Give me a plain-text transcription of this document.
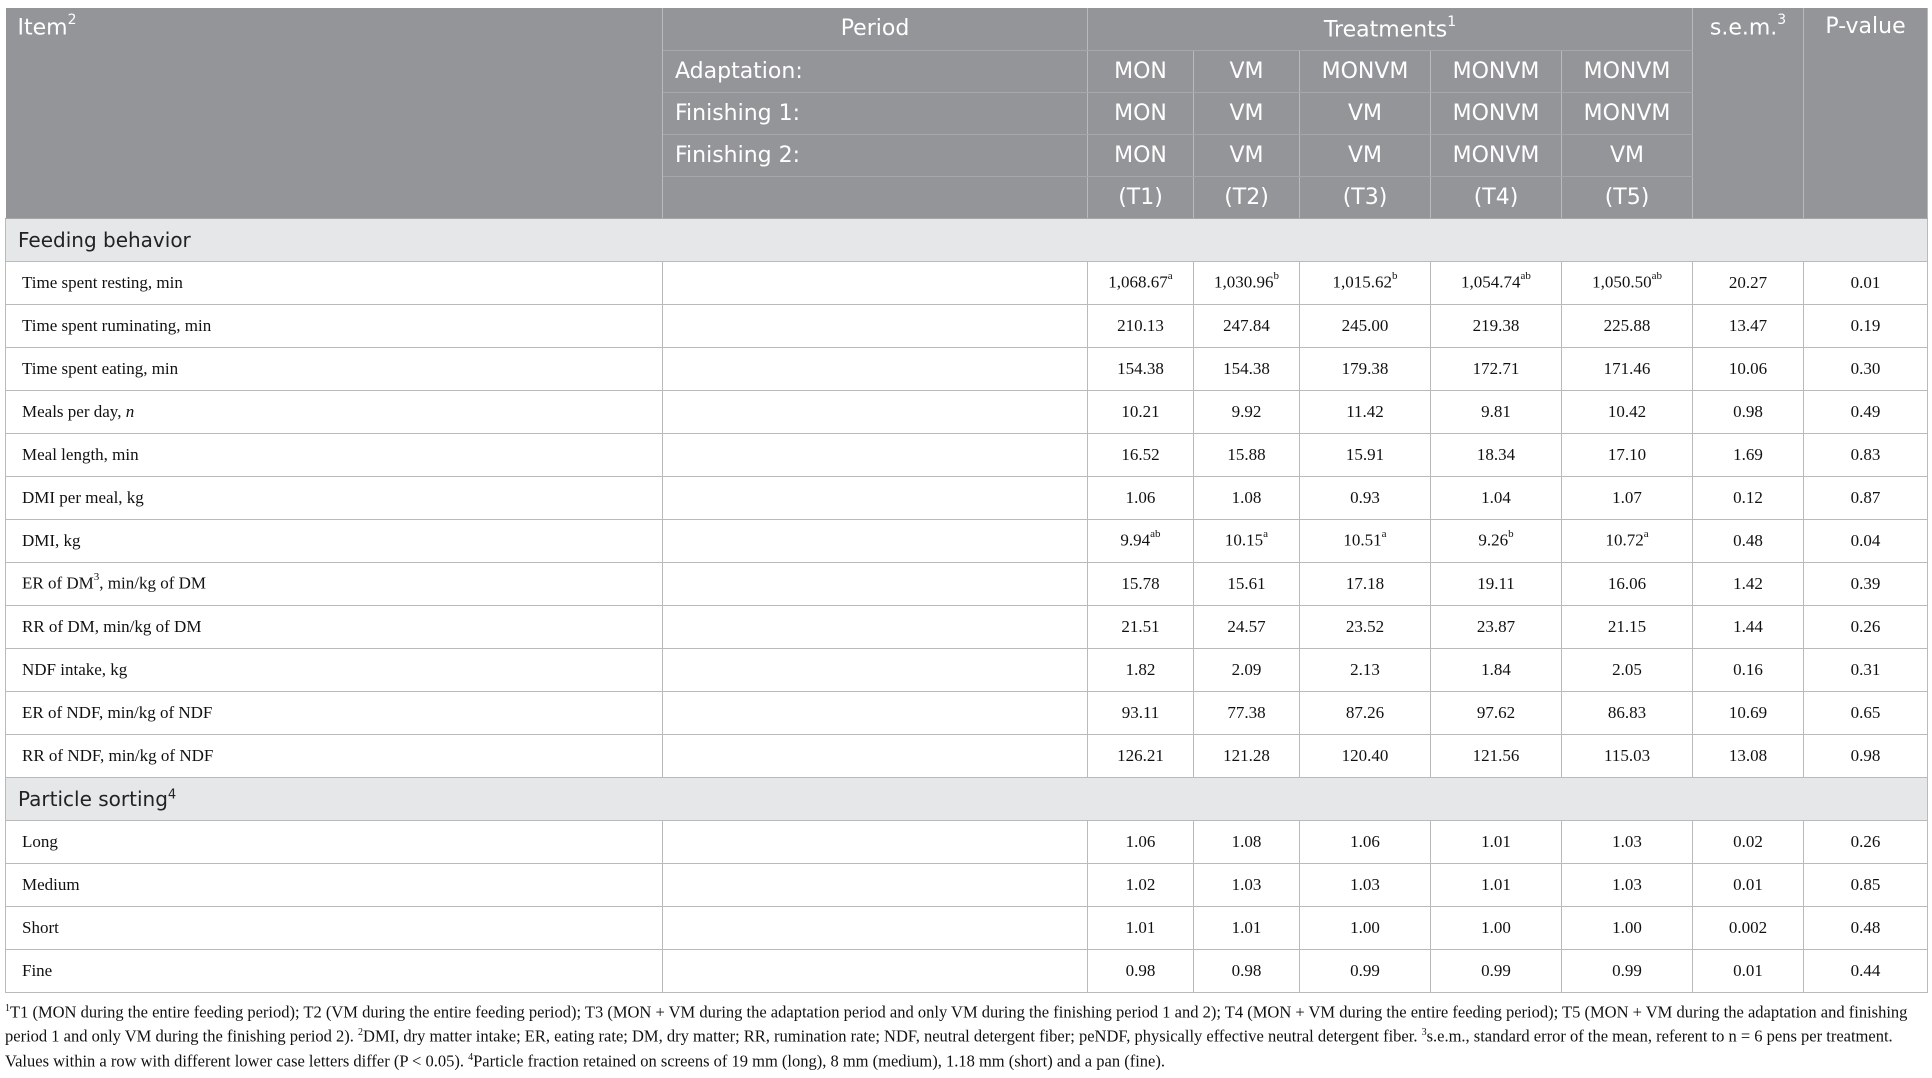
Item$^2$	Period	Treatments$^1$					s.e.m.$^3$	P-value
	Adaptation:	MON	VM	MONVM	MONVM	MONVM		
	Finishing 1:	MON	VM	VM	MONVM	MONVM		
	Finishing 2:	MON	VM	VM	MONVM	VM		
		(T1)	(T2)	(T3)	(T4)	(T5)		
Feeding behavior								
Time spent resting, min		1,068.67$^a$	1,030.96$^b$	1,015.62$^b$	1,054.74$^{ab}$	1,050.50$^{ab}$	20.27	0.01
Time spent ruminating, min		210.13	247.84	245.00	219.38	225.88	13.47	0.19
Time spent eating, min		154.38	154.38	179.38	172.71	171.46	10.06	0.30
Meals per day, n		10.21	9.92	11.42	9.81	10.42	0.98	0.49
Meal length, min		16.52	15.88	15.91	18.34	17.10	1.69	0.83
DMI per meal, kg		1.06	1.08	0.93	1.04	1.07	0.12	0.87
DMI, kg		9.94$^{ab}$	10.15$^a$	10.51$^a$	9.26$^b$	10.72$^a$	0.48	0.04
ER of $DM^3$, min/kg of DM		15.78	15.61	17.18	19.11	16.06	1.42	0.39
RR of DM, min/kg of DM		21.51	24.57	23.52	23.87	21.15	1.44	0.26
NDF intake, kg		1.82	2.09	2.13	1.84	2.05	0.16	0.31
ER of NDF, min/kg of NDF		93.11	77.38	87.26	97.62	86.83	10.69	0.65
RR of NDF, min/kg of NDF		126.21	121.28	120.40	121.56	115.03	13.08	0.98
Particle sorting$^4$
Long		1.06	1.08	1.06	1.01	1.03	0.02	0.26
Medium		1.02	1.03	1.03	1.01	1.03	0.01	0.85
Short		1.01	1.01	1.00	1.00	1.00	0.002	0.48
Fine		0.98	0.98	0.99	0.99	0.99	0.01	0.44
$^1$T1 (MON during the entire feeding period); T2 (VM during the entire feeding period); T3 (MON + VM during the adaptation period and only VM during the finishing period 1 and 2); T4 (MON + VM during the entire feeding period); T5 (MON + VM during the adaptation and finishing period 1 and only VM during the finishing period 2). $^2$DMI, dry matter intake; ER, eating rate; DM, dry matter; RR, rumination rate; NDF, neutral detergent fiber; peNDF, physically effective neutral detergent fiber. $^3$s.e.m., standard error of the mean, referent to n = 6 pens per treatment. Values within a row with different lower case letters differ (P < 0.05). $^4$Particle fraction retained on screens of 19 mm (long), 8 mm (medium), 1.18 mm (short) and a pan (fine).
